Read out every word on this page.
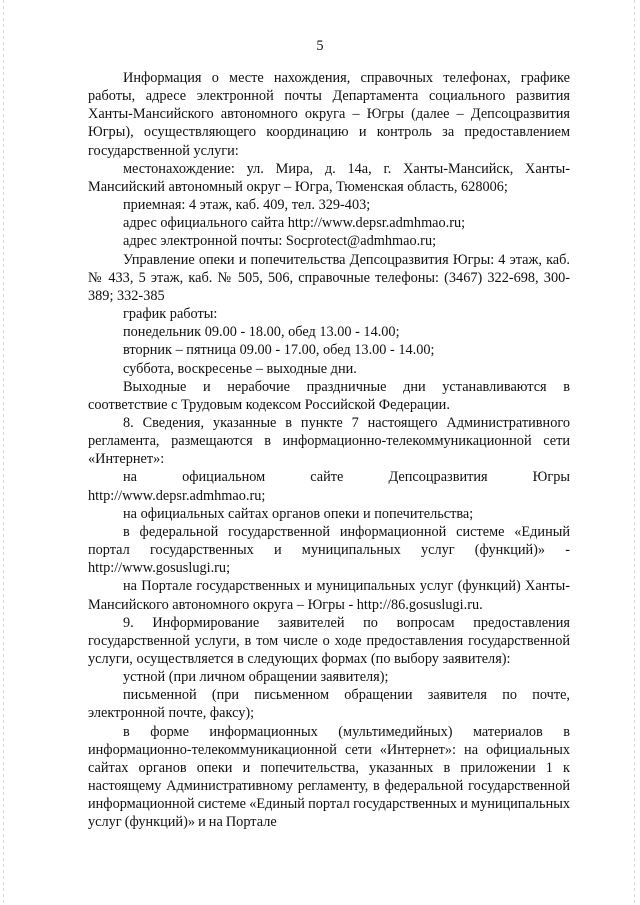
5

Информация о месте нахождения, справочных телефонах, графике работы, адресе электронной почты Департамента социального развития Ханты-Мансийского автономного округа – Югры (далее – Депсоцразвития Югры), осуществляющего координацию и контроль за предоставлением государственной услуги:

местонахождение: ул. Мира, д. 14а, г. Ханты-Мансийск, Ханты-Мансийский автономный округ – Югра, Тюменская область, 628006;

приемная: 4 этаж, каб. 409, тел. 329-403;

адрес официального сайта http://www.depsr.admhmao.ru;

адрес электронной почты: Socprotect@admhmao.ru;

Управление опеки и попечительства Депсоцразвития Югры: 4 этаж, каб. № 433, 5 этаж, каб. № 505, 506, справочные телефоны: (3467) 322-698, 300-389; 332-385

график работы:

понедельник 09.00 - 18.00, обед 13.00 - 14.00;

вторник – пятница 09.00 - 17.00, обед 13.00 - 14.00;

суббота, воскресенье – выходные дни.

Выходные и нерабочие праздничные дни устанавливаются в соответствие с Трудовым кодексом Российской Федерации.

8. Сведения, указанные в пункте 7 настоящего Административного регламента, размещаются в информационно-телекоммуникационной сети «Интернет»:

на официальном сайте Депсоцразвития Югры http://www.depsr.admhmao.ru;

на официальных сайтах органов опеки и попечительства;

в федеральной государственной информационной системе «Единый портал государственных и муниципальных услуг (функций)» - http://www.gosuslugi.ru;

на Портале государственных и муниципальных услуг (функций) Ханты-Мансийского автономного округа – Югры - http://86.gosuslugi.ru.

9. Информирование заявителей по вопросам предоставления государственной услуги, в том числе о ходе предоставления государственной услуги, осуществляется в следующих формах (по выбору заявителя):

устной (при личном обращении заявителя);

письменной (при письменном обращении заявителя по почте, электронной почте, факсу);

в форме информационных (мультимедийных) материалов в информационно-телекоммуникационной сети «Интернет»: на официальных сайтах органов опеки и попечительства, указанных в приложении 1 к настоящему Административному регламенту, в федеральной государственной информационной системе «Единый портал государственных и муниципальных услуг (функций)» и на Портале
